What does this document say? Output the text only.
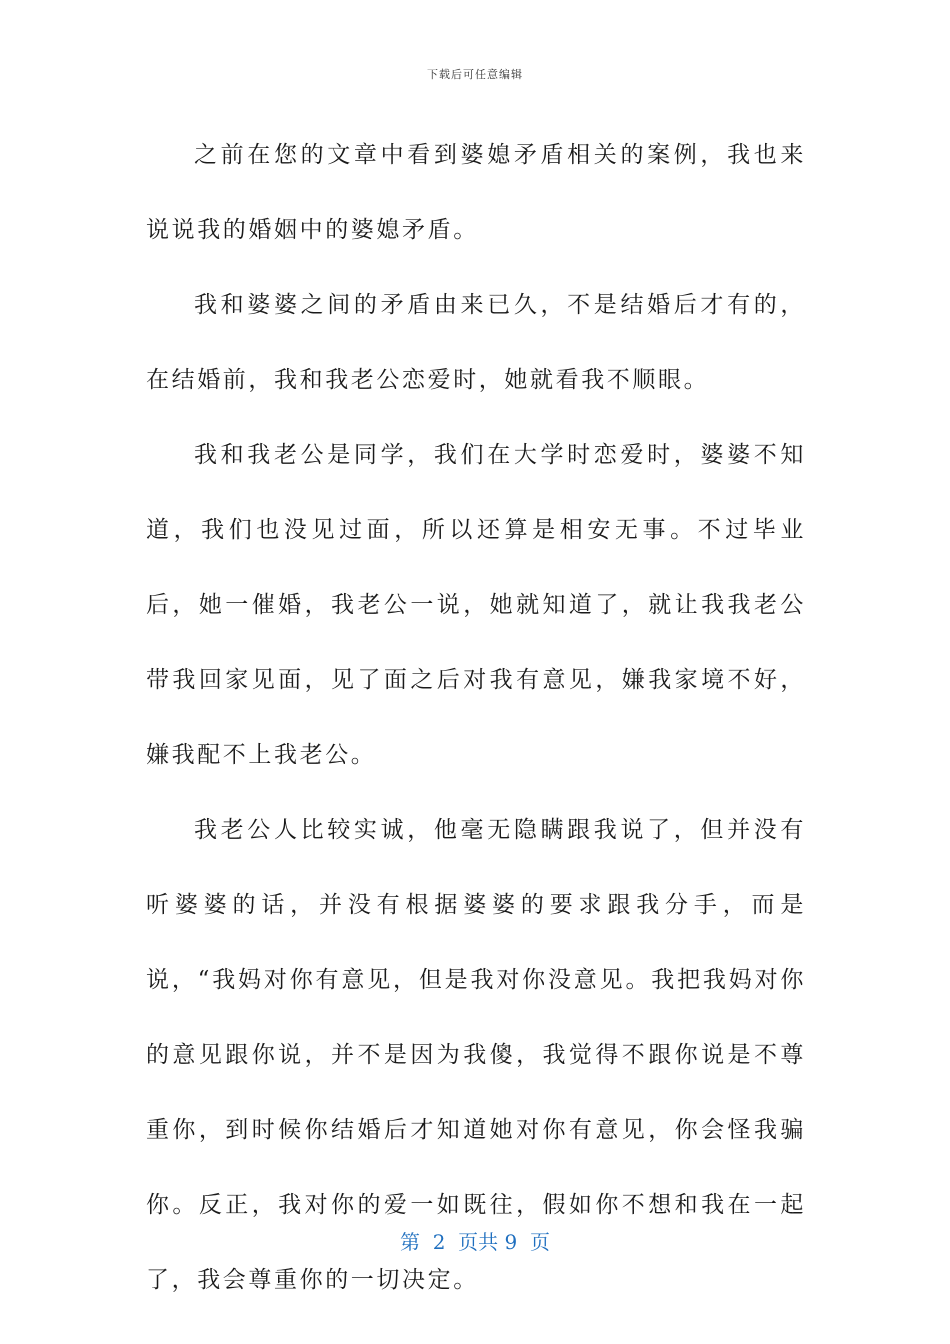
下载后可任意编辑

之前在您的文章中看到婆媳矛盾相关的案例，我也来说说我的婚姻中的婆媳矛盾。

我和婆婆之间的矛盾由来已久，不是结婚后才有的，在结婚前，我和我老公恋爱时，她就看我不顺眼。

我和我老公是同学，我们在大学时恋爱时，婆婆不知道，我们也没见过面，所以还算是相安无事。不过毕业后，她一催婚，我老公一说，她就知道了，就让我我老公带我回家见面，见了面之后对我有意见，嫌我家境不好，嫌我配不上我老公。

我老公人比较实诚，他毫无隐瞒跟我说了，但并没有听婆婆的话，并没有根据婆婆的要求跟我分手，而是说，“我妈对你有意见，但是我对你没意见。我把我妈对你的意见跟你说，并不是因为我傻，我觉得不跟你说是不尊重你，到时候你结婚后才知道她对你有意见，你会怪我骗你。反正，我对你的爱一如既往，假如你不想和我在一起了，我会尊重你的一切决定。

第  2  页共 9  页
